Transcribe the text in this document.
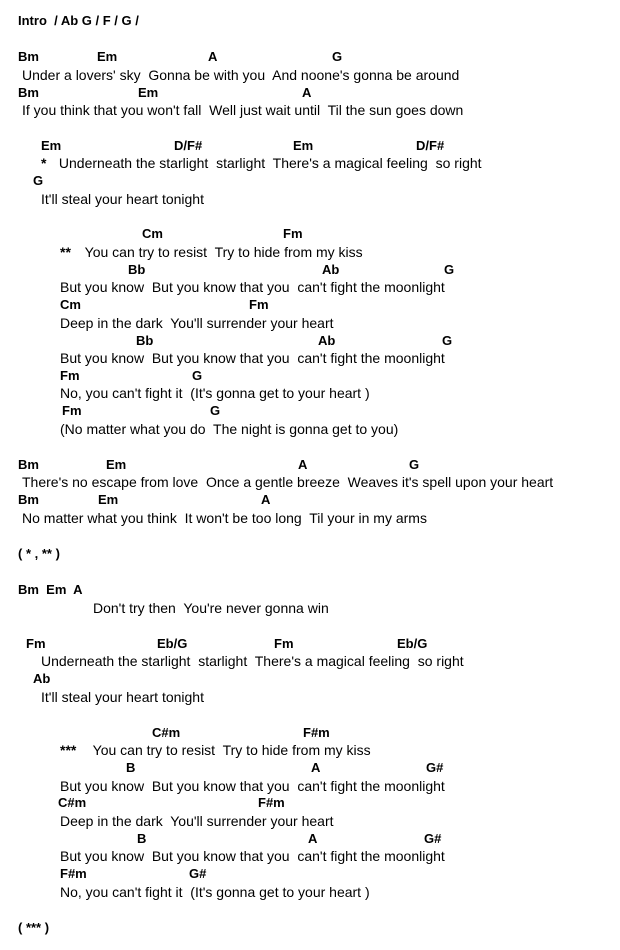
Intro  / Ab G / F / G /
Bm	Em	A	G
Under a lovers' sky  Gonna be with you  And noone's gonna be around
Bm	Em	A
If you think that you won't fall  Well just wait until  Til the sun goes down
Em	D/F#	Em	D/F#
* Underneath the starlight  starlight  There's a magical feeling  so right
G
It'll steal your heart tonight
Cm	Fm
** You can try to resist  Try to hide from my kiss
Bb	Ab	G
But you know  But you know that you  can't fight the moonlight
Cm	Fm
Deep in the dark  You'll surrender your heart
Bb	Ab	G
But you know  But you know that you  can't fight the moonlight
Fm	G
No, you can't fight it  (It's gonna get to your heart )
Fm	G
(No matter what you do  The night is gonna get to you)
Bm	Em	A	G
There's no escape from love  Once a gentle breeze  Weaves it's spell upon your heart
Bm	Em	A
No matter what you think  It won't be too long  Til your in my arms
( * , ** )
Bm  Em  A
Don't try then  You're never gonna win
Fm	Eb/G	Fm	Eb/G
Underneath the starlight  starlight  There's a magical feeling  so right
Ab
It'll steal your heart tonight
C#m	F#m
*** You can try to resist  Try to hide from my kiss
B	A	G#
But you know  But you know that you  can't fight the moonlight
C#m	F#m
Deep in the dark  You'll surrender your heart
B	A	G#
But you know  But you know that you  can't fight the moonlight
F#m	G#
No, you can't fight it  (It's gonna get to your heart )
( *** )
